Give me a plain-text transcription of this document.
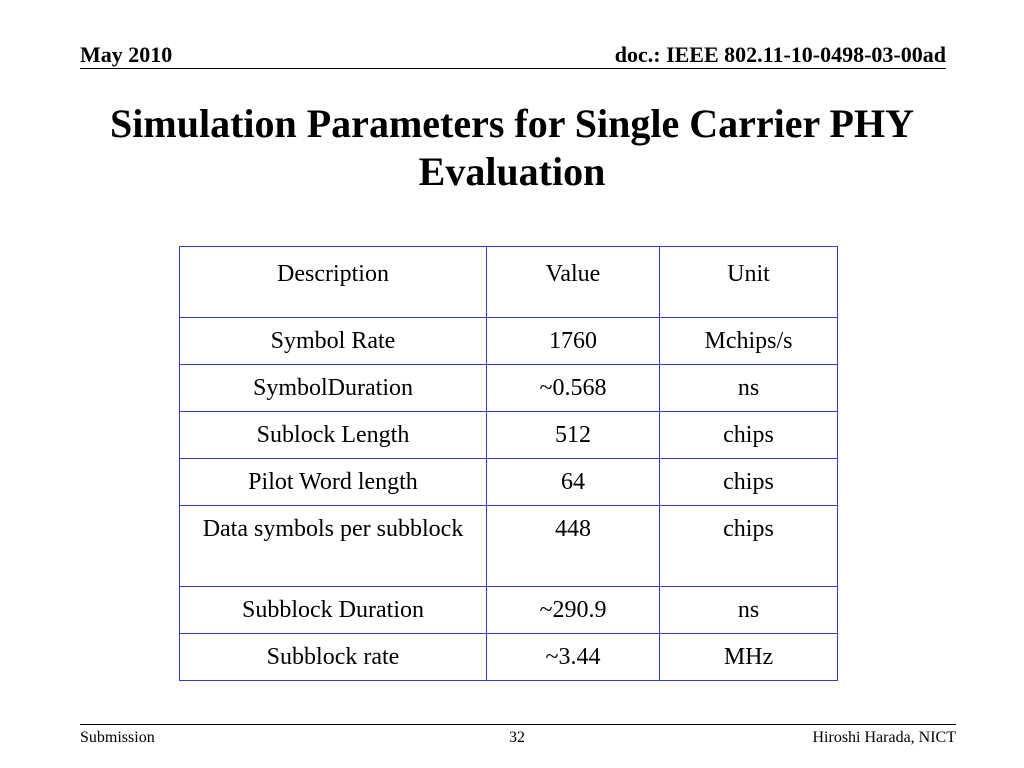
May 2010	doc.: IEEE 802.11-10-0498-03-00ad
Simulation Parameters for Single Carrier PHY Evaluation
Description	Value	Unit
Symbol Rate	1760	Mchips/s
SymbolDuration	~0.568	ns
Sublock Length	512	chips
Pilot Word length	64	chips
Data symbols per subblock	448	chips
Subblock Duration	~290.9	ns
Subblock rate	~3.44	MHz
Submission	32	Hiroshi Harada, NICT
